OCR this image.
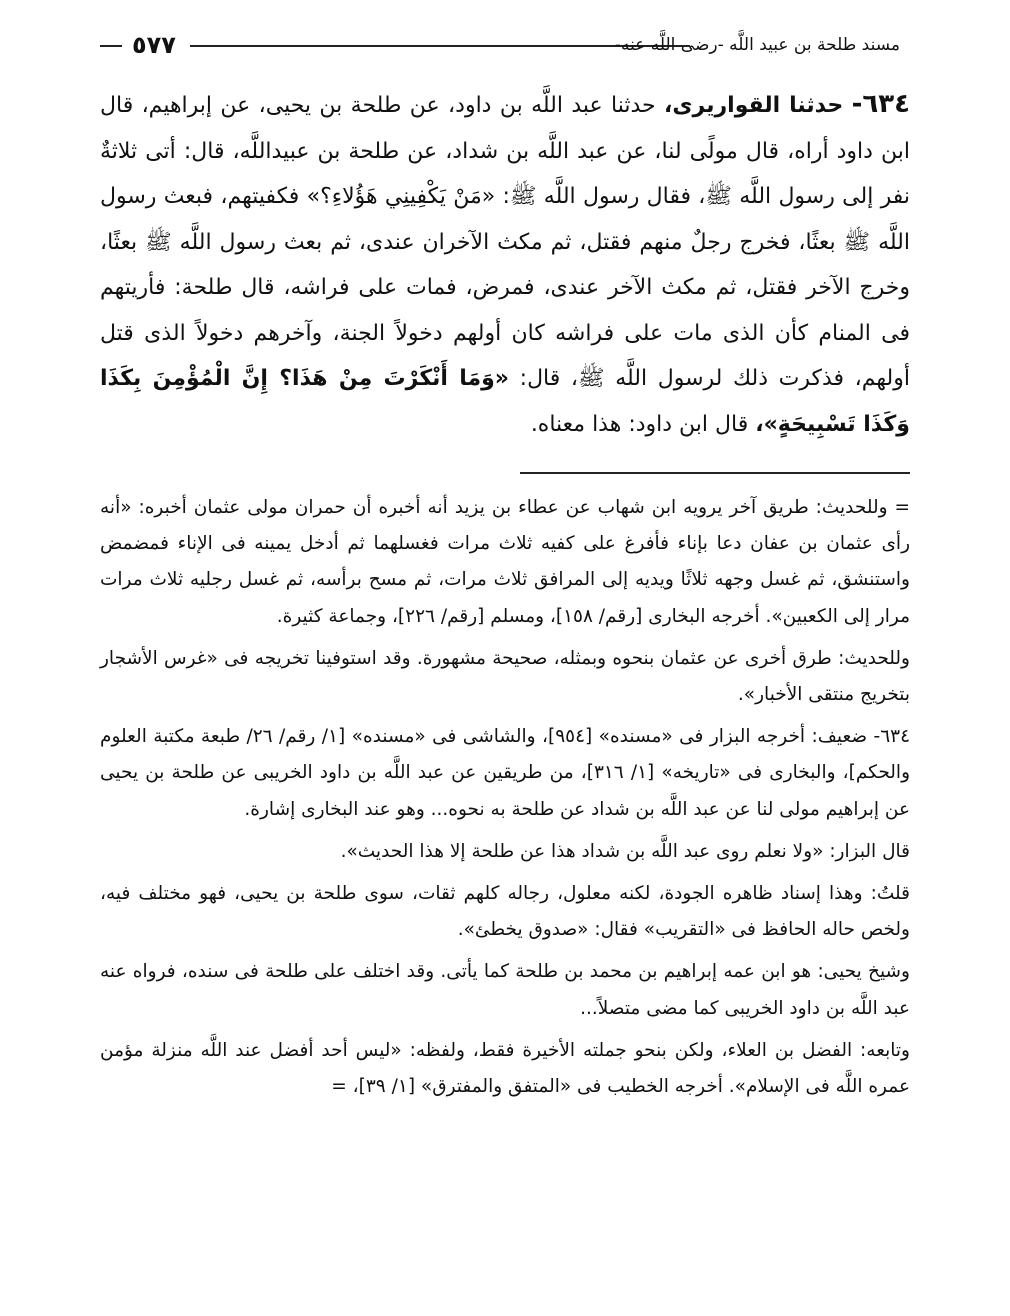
٥٧٧	مسند طلحة بن عبيد اللَّه -رضى اللَّه عنه-

٦٣٤- حدثنا القواريرى، حدثنا عبد اللَّه بن داود، عن طلحة بن يحيى، عن إبراهيم، قال ابن داود أراه، قال مولًى لنا، عن عبد اللَّه بن شداد، عن طلحة بن عبيداللَّه، قال: أتى ثلاثةٌ نفر إلى رسول اللَّه ﷺ، فقال رسول اللَّه ﷺ: «مَنْ يَكْفِينِي هَؤُلاءِ؟» فكفيتهم، فبعث رسول اللَّه ﷺ بعثًا، فخرج رجلٌ منهم فقتل، ثم مكث الآخران عندى، ثم بعث رسول اللَّه ﷺ بعثًا، وخرج الآخر فقتل، ثم مكث الآخر عندى، فمرض، فمات على فراشه، قال طلحة: فأريتهم فى المنام كأن الذى مات على فراشه كان أولهم دخولاً الجنة، وآخرهم دخولاً الذى قتل أولهم، فذكرت ذلك لرسول اللَّه ﷺ، قال: «وَمَا أَنْكَرْتَ مِنْ هَذَا؟ إِنَّ الْمُؤْمِنَ بِكَذَا وَكَذَا تَسْبِيحَةٍ»، قال ابن داود: هذا معناه.

= وللحديث: طريق آخر يرويه ابن شهاب عن عطاء بن يزيد أنه أخبره أن حمران مولى عثمان أخبره: «أنه رأى عثمان بن عفان دعا بإناء فأفرغ على كفيه ثلاث مرات فغسلهما ثم أدخل يمينه فى الإناء فمضمض واستنشق، ثم غسل وجهه ثلاثًا ويديه إلى المرافق ثلاث مرات، ثم مسح برأسه، ثم غسل رجليه ثلاث مرات مرار إلى الكعبين». أخرجه البخارى [رقم/ ١٥٨]، ومسلم [رقم/ ٢٢٦]، وجماعة كثيرة.

وللحديث: طرق أخرى عن عثمان بنحوه وبمثله، صحيحة مشهورة. وقد استوفينا تخريجه فى «غرس الأشجار بتخريج منتقى الأخبار».

٦٣٤- ضعيف: أخرجه البزار فى «مسنده» [٩٥٤]، والشاشى فى «مسنده» [١/ رقم/ ٢٦/ طبعة مكتبة العلوم والحكم]، والبخارى فى «تاريخه» [١/ ٣١٦]، من طريقين عن عبد اللَّه بن داود الخريبى عن طلحة بن يحيى عن إبراهيم مولى لنا عن عبد اللَّه بن شداد عن طلحة به نحوه... وهو عند البخارى إشارة.

قال البزار: «ولا نعلم روى عبد اللَّه بن شداد هذا عن طلحة إلا هذا الحديث».

قلتُ: وهذا إسناد ظاهره الجودة، لكنه معلول، رجاله كلهم ثقات، سوى طلحة بن يحيى، فهو مختلف فيه، ولخص حاله الحافظ فى «التقريب» فقال: «صدوق يخطئ».

وشيخ يحيى: هو ابن عمه إبراهيم بن محمد بن طلحة كما يأتى. وقد اختلف على طلحة فى سنده، فرواه عنه عبد اللَّه بن داود الخريبى كما مضى متصلاً...

وتابعه: الفضل بن العلاء، ولكن بنحو جملته الأخيرة فقط، ولفظه: «ليس أحد أفضل عند اللَّه منزلة مؤمن عمره اللَّه فى الإسلام». أخرجه الخطيب فى «المتفق والمفترق» [١/ ٣٩]، =
